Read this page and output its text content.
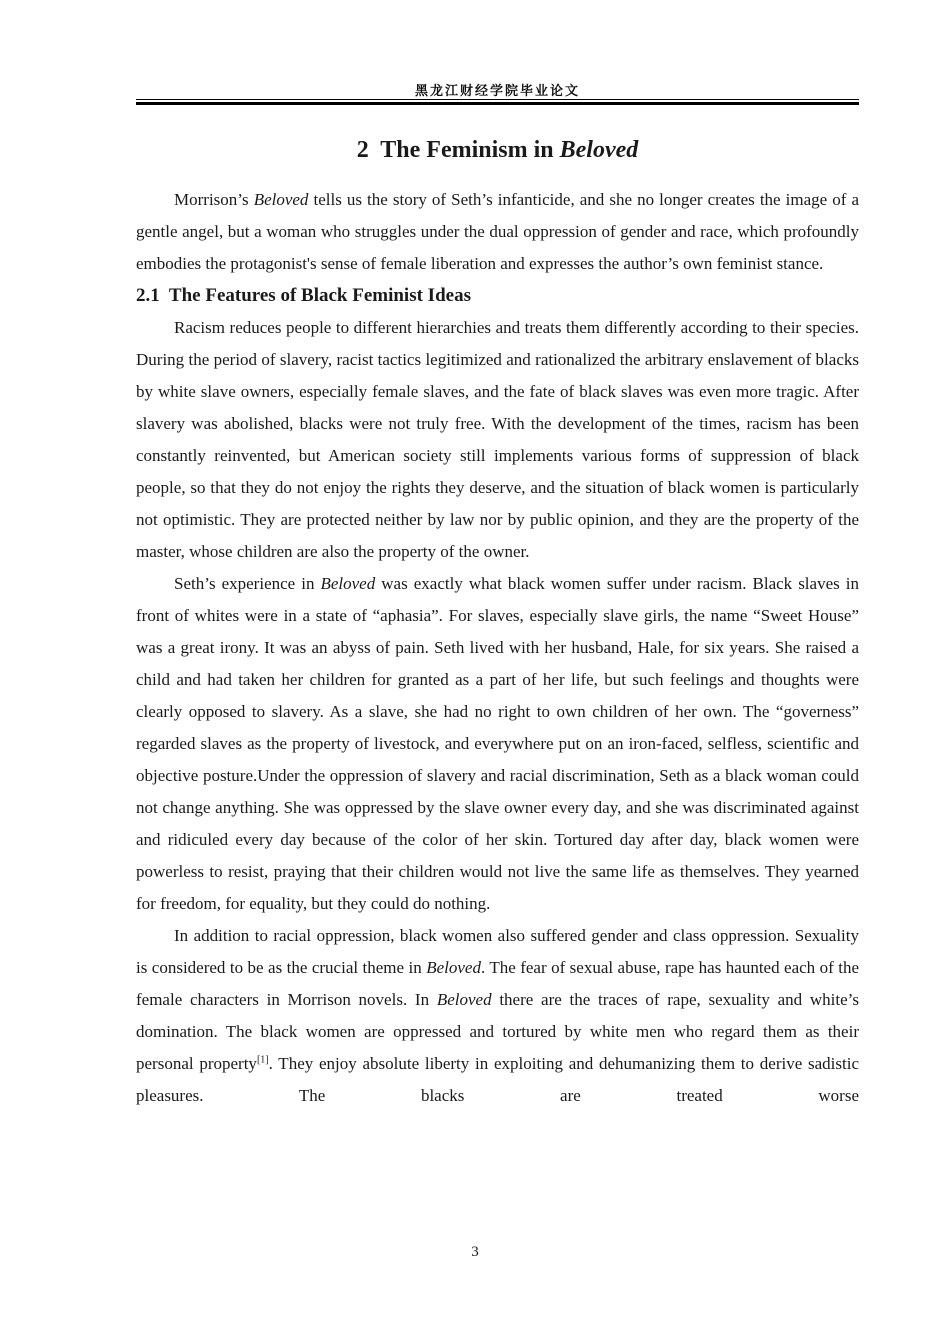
黑龙江财经学院毕业论文
2 The Feminism in Beloved

Morrison’s Beloved tells us the story of Seth’s infanticide, and she no longer creates the image of a gentle angel, but a woman who struggles under the dual oppression of gender and race, which profoundly embodies the protagonist's sense of female liberation and expresses the author’s own feminist stance.

2.1 The Features of Black Feminist Ideas

Racism reduces people to different hierarchies and treats them differently according to their species. During the period of slavery, racist tactics legitimized and rationalized the arbitrary enslavement of blacks by white slave owners, especially female slaves, and the fate of black slaves was even more tragic. After slavery was abolished, blacks were not truly free. With the development of the times, racism has been constantly reinvented, but American society still implements various forms of suppression of black people, so that they do not enjoy the rights they deserve, and the situation of black women is particularly not optimistic. They are protected neither by law nor by public opinion, and they are the property of the master, whose children are also the property of the owner.

Seth’s experience in Beloved was exactly what black women suffer under racism. Black slaves in front of whites were in a state of “aphasia”. For slaves, especially slave girls, the name “Sweet House” was a great irony. It was an abyss of pain. Seth lived with her husband, Hale, for six years. She raised a child and had taken her children for granted as a part of her life, but such feelings and thoughts were clearly opposed to slavery. As a slave, she had no right to own children of her own. The “governess” regarded slaves as the property of livestock, and everywhere put on an iron-faced, selfless, scientific and objective posture.Under the oppression of slavery and racial discrimination, Seth as a black woman could not change anything. She was oppressed by the slave owner every day, and she was discriminated against and ridiculed every day because of the color of her skin. Tortured day after day, black women were powerless to resist, praying that their children would not live the same life as themselves. They yearned for freedom, for equality, but they could do nothing.

In addition to racial oppression, black women also suffered gender and class oppression. Sexuality is considered to be as the crucial theme in Beloved. The fear of sexual abuse, rape has haunted each of the female characters in Morrison novels. In Beloved there are the traces of rape, sexuality and white’s domination. The black women are oppressed and tortured by white men who regard them as their personal property[1]. They enjoy absolute liberty in exploiting and dehumanizing them to derive sadistic pleasures. The blacks are treated worse

3
